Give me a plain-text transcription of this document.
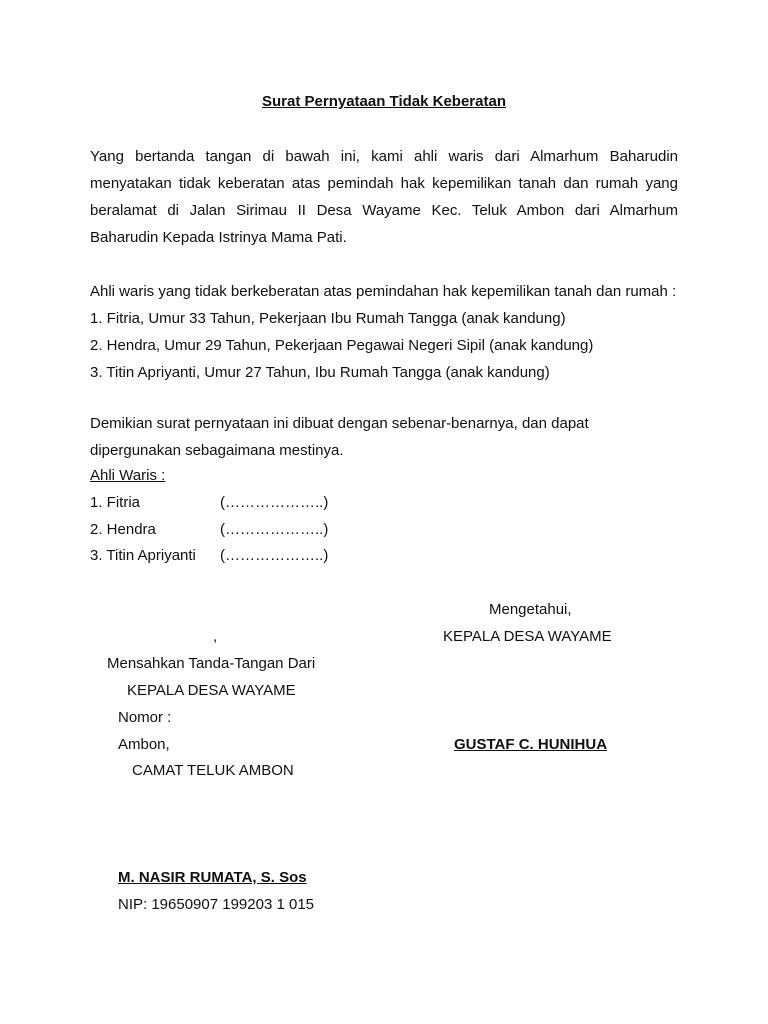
Surat Pernyataan Tidak Keberatan
Yang bertanda tangan di bawah ini, kami ahli waris dari Almarhum Baharudin menyatakan tidak keberatan atas pemindah hak kepemilikan tanah dan rumah yang beralamat di Jalan Sirimau II Desa Wayame Kec. Teluk Ambon dari Almarhum Baharudin Kepada Istrinya Mama Pati.
Ahli waris yang tidak berkeberatan atas pemindahan hak kepemilikan tanah dan rumah :
1. Fitria, Umur 33 Tahun, Pekerjaan Ibu Rumah Tangga (anak kandung)
2. Hendra, Umur 29 Tahun, Pekerjaan Pegawai Negeri Sipil (anak kandung)
3. Titin Apriyanti, Umur 27 Tahun, Ibu Rumah Tangga (anak kandung)
Demikian surat pernyataan ini dibuat dengan sebenar-benarnya, dan dapat dipergunakan sebagaimana mestinya.
Ahli Waris :
1. Fitria	(………………..)
2. Hendra	(………………..)
3. Titin Apriyanti (………………..)
Mengetahui,
KEPALA DESA WAYAME
GUSTAF C. HUNIHUA
,
Mensahkan Tanda-Tangan Dari
KEPALA DESA WAYAME
Nomor :
Ambon,
CAMAT TELUK AMBON
M. NASIR RUMATA, S. Sos
NIP: 19650907 199203 1 015
